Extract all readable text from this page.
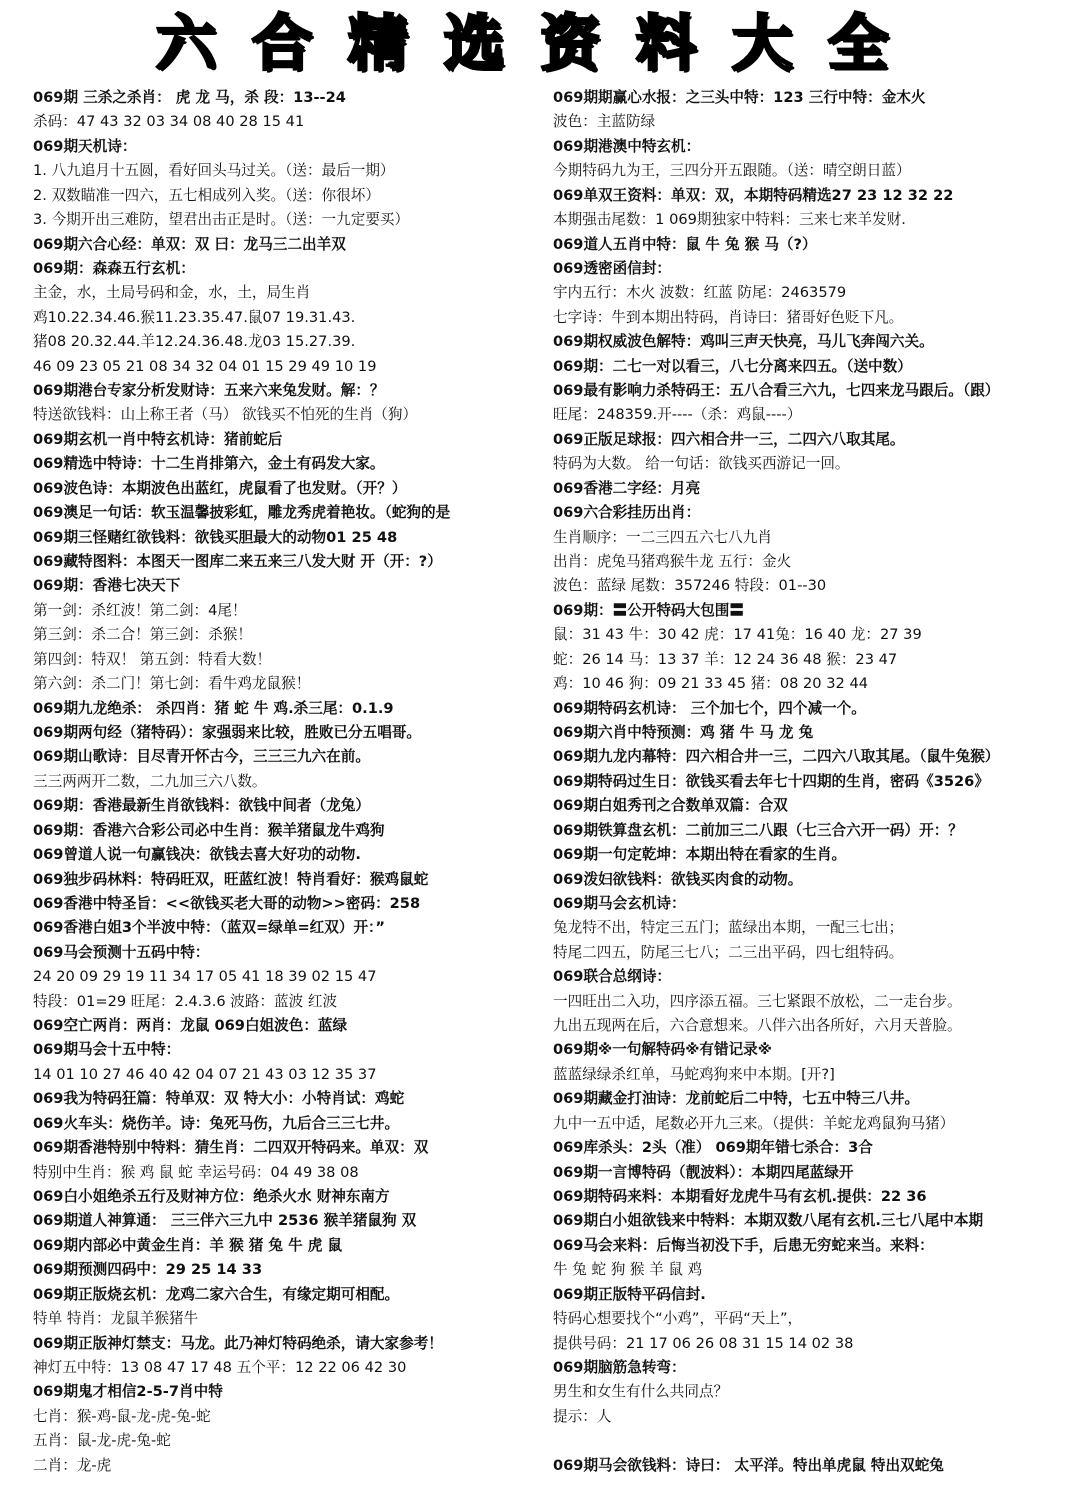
六合精选资料大全
069期 三杀之杀肖： 虎 龙 马，杀 段：13--24
杀码：47 43 32 03 34 08 40 28 15 41
069期天机诗：
1. 八九追月十五圆，看好回头马过关。（送：最后一期）
2. 双数瞄准一四六，五七相成列入奖。（送：你很坏）
3. 今期开出三难防，望君出击正是时。（送：一九定要买）
069期六合心经：单双：双 曰：龙马三二出羊双
069期：森森五行玄机：
主金，水，土局号码和金，水，土，局生肖
鸡10.22.34.46.猴11.23.35.47.鼠07 19.31.43.
猪08 20.32.44.羊12.24.36.48.龙03 15.27.39.
46 09 23 05 21 08 34 32 04 01 15 29 49 10 19
069期港台专家分析发财诗：五来六来兔发财。解：？
特送欲钱料：山上称王者（马） 欲钱买不怕死的生肖（狗）
069期玄机一肖中特玄机诗：猪前蛇后
069精选中特诗：十二生肖排第六，金土有码发大家。
069波色诗：本期波色出蓝红，虎鼠看了也发财。（开？）
069澳足一句话：软玉温馨披彩虹，雕龙秀虎着艳妆。（蛇狗的是
069期三怪赌红欲钱料：欲钱买胆最大的动物01 25 48
069藏特图料：本图天一图库二来五来三八发大财 开（开：?）
069期：香港七决天下
第一剑：杀红波！第二剑：4尾！
第三剑：杀二合！第三剑：杀猴！
第四剑：特双！ 第五剑：特看大数！
第六剑：杀二门！第七剑：看牛鸡龙鼠猴！
069期九龙绝杀： 杀四肖：猪 蛇 牛 鸡.杀三尾：0.1.9
069期两句经（猪特码）：家强弱来比较，胜败已分五唱哥。
069期山歌诗：目尽青开怀古今，三三三九六在前。
三三两两开二数，二九加三六八数。
069期：香港最新生肖欲钱料：欲钱中间者（龙兔）
069期：香港六合彩公司必中生肖：猴羊猪鼠龙牛鸡狗
069曾道人说一句赢钱决：欲钱去喜大好功的动物.
069独步码林料：特码旺双，旺蓝红波！特肖看好：猴鸡鼠蛇
069香港中特圣旨：<<欲钱买老大哥的动物>>密码：258
069香港白姐3个半波中特：（蓝双=绿单=红双）开：”
069马会预测十五码中特：
24 20 09 29 19 11 34 17 05 41 18 39 02 15 47
特段：01=29 旺尾：2.4.3.6 波路：蓝波 红波
069空亡两肖：两肖：龙鼠 069白姐波色：蓝绿
069期马会十五中特：
14 01 10 27 46 40 42 04 07 21 43 03 12 35 37
069我为特码狂篇：特单双：双 特大小：小特肖试：鸡蛇
069火车头：烧伤羊。诗：兔死马伤，九后合三三七井。
069期香港特别中特料：猜生肖：二四双开特码来。单双：双
特别中生肖：猴 鸡 鼠 蛇 幸运号码：04 49 38 08
069白小姐绝杀五行及财神方位：绝杀火水 财神东南方
069期道人神算通： 三三伴六三九中 2536 猴羊猪鼠狗 双
069期内部必中黄金生肖：羊 猴 猪 兔 牛 虎 鼠
069期预测四码中：29 25 14 33
069期正版烧玄机：龙鸡二家六合生，有缘定期可相配。
特单 特肖：龙鼠羊猴猪牛
069期正版神灯禁支：马龙。此乃神灯特码绝杀，请大家参考！
神灯五中特：13 08 47 17 48 五个平：12 22 06 42 30
069期鬼才相信2-5-7肖中特
七肖：猴-鸡-鼠-龙-虎-兔-蛇
五肖：鼠-龙-虎-兔-蛇
二肖：龙-虎
069期期赢心水报：之三头中特：123 三行中特：金木火
波色：主蓝防绿
069期港澳中特玄机：
今期特码九为王，三四分开五跟随。（送：晴空朗日蓝）
069单双王资料：单双：双，本期特码精选27 23 12 32 22
本期强击尾数：1 069期独家中特料：三来七来羊发财.
069道人五肖中特：鼠 牛 兔 猴 马（?）
069透密函信封：
宇内五行：木火 波数：红蓝 防尾：2463579
七字诗：牛到本期出特码，肖诗曰：猪哥好色贬下凡。
069期权威波色解特：鸡叫三声天快亮，马儿飞奔闯六关。
069期：二七一对以看三，八七分离来四五。（送中数）
069最有影响力杀特码王：五八合看三六九，七四来龙马跟后。（跟）
旺尾：248359.开----（杀：鸡鼠----）
069正版足球报：四六相合井一三，二四六八取其尾。
特码为大数。 给一句话：欲钱买西游记一回。
069香港二字经：月亮
069六合彩挂历出肖：
生肖顺序：一二三四五六七八九肖
出肖：虎兔马猪鸡猴牛龙 五行：金火
波色：蓝绿 尾数：357246 特段：01--30
069期：〓公开特码大包围〓
鼠：31 43 牛：30 42 虎：17 41兔：16 40 龙：27 39
蛇：26 14 马：13 37 羊：12 24 36 48 猴：23 47
鸡：10 46 狗：09 21 33 45 猪：08 20 32 44
069期特码玄机诗： 三个加七个，四个减一个。
069期六肖中特预测：鸡 猪 牛 马 龙 兔
069期九龙内幕特：四六相合井一三，二四六八取其尾。（鼠牛兔猴）
069期特码过生日：欲钱买看去年七十四期的生肖，密码《3526》
069期白姐秀刊之合数单双篇：合双
069期铁算盘玄机：二前加三二八跟（七三合六开一码）开：？
069期一句定乾坤：本期出特在看家的生肖。
069泼妇欲钱料：欲钱买肉食的动物。
069期马会玄机诗：
兔龙特不出，特定三五门；蓝绿出本期，一配三七出；
特尾二四五，防尾三七八；二三出平码，四七组特码。
069联合总纲诗：
一四旺出二入功，四序添五福。三七紧跟不放松，二一走台步。
九出五现两在后，六合意想来。八伴六出各所好，六月天普脸。
069期※一句解特码※有错记录※
蓝蓝绿绿杀红单，马蛇鸡狗来中本期。[开?]
069期藏金打油诗：龙前蛇后二中特，七五中特三八井。
九中一五中适，尾数必开九三来。（提供：羊蛇龙鸡鼠狗马猪）
069库杀头：2头（准） 069期年错七杀合：3合
069期一言博特码（靓波料）：本期四尾蓝绿开
069期特码来料：本期看好龙虎牛马有玄机.提供：22 36
069期白小姐欲钱来中特料：本期双数八尾有玄机.三七八尾中本期
069马会来料：后悔当初没下手，后患无穷蛇来当。来料：
牛 兔 蛇 狗 猴 羊 鼠 鸡
069期正版特平码信封.
特码心想要找个“小鸡”，平码“天上”，
提供号码：21 17 06 26 08 31 15 14 02 38
069期脑筋急转弯：
男生和女生有什么共同点？
提示：人
069期马会欲钱料：诗曰： 太平洋。特出单虎鼠 特出双蛇兔
